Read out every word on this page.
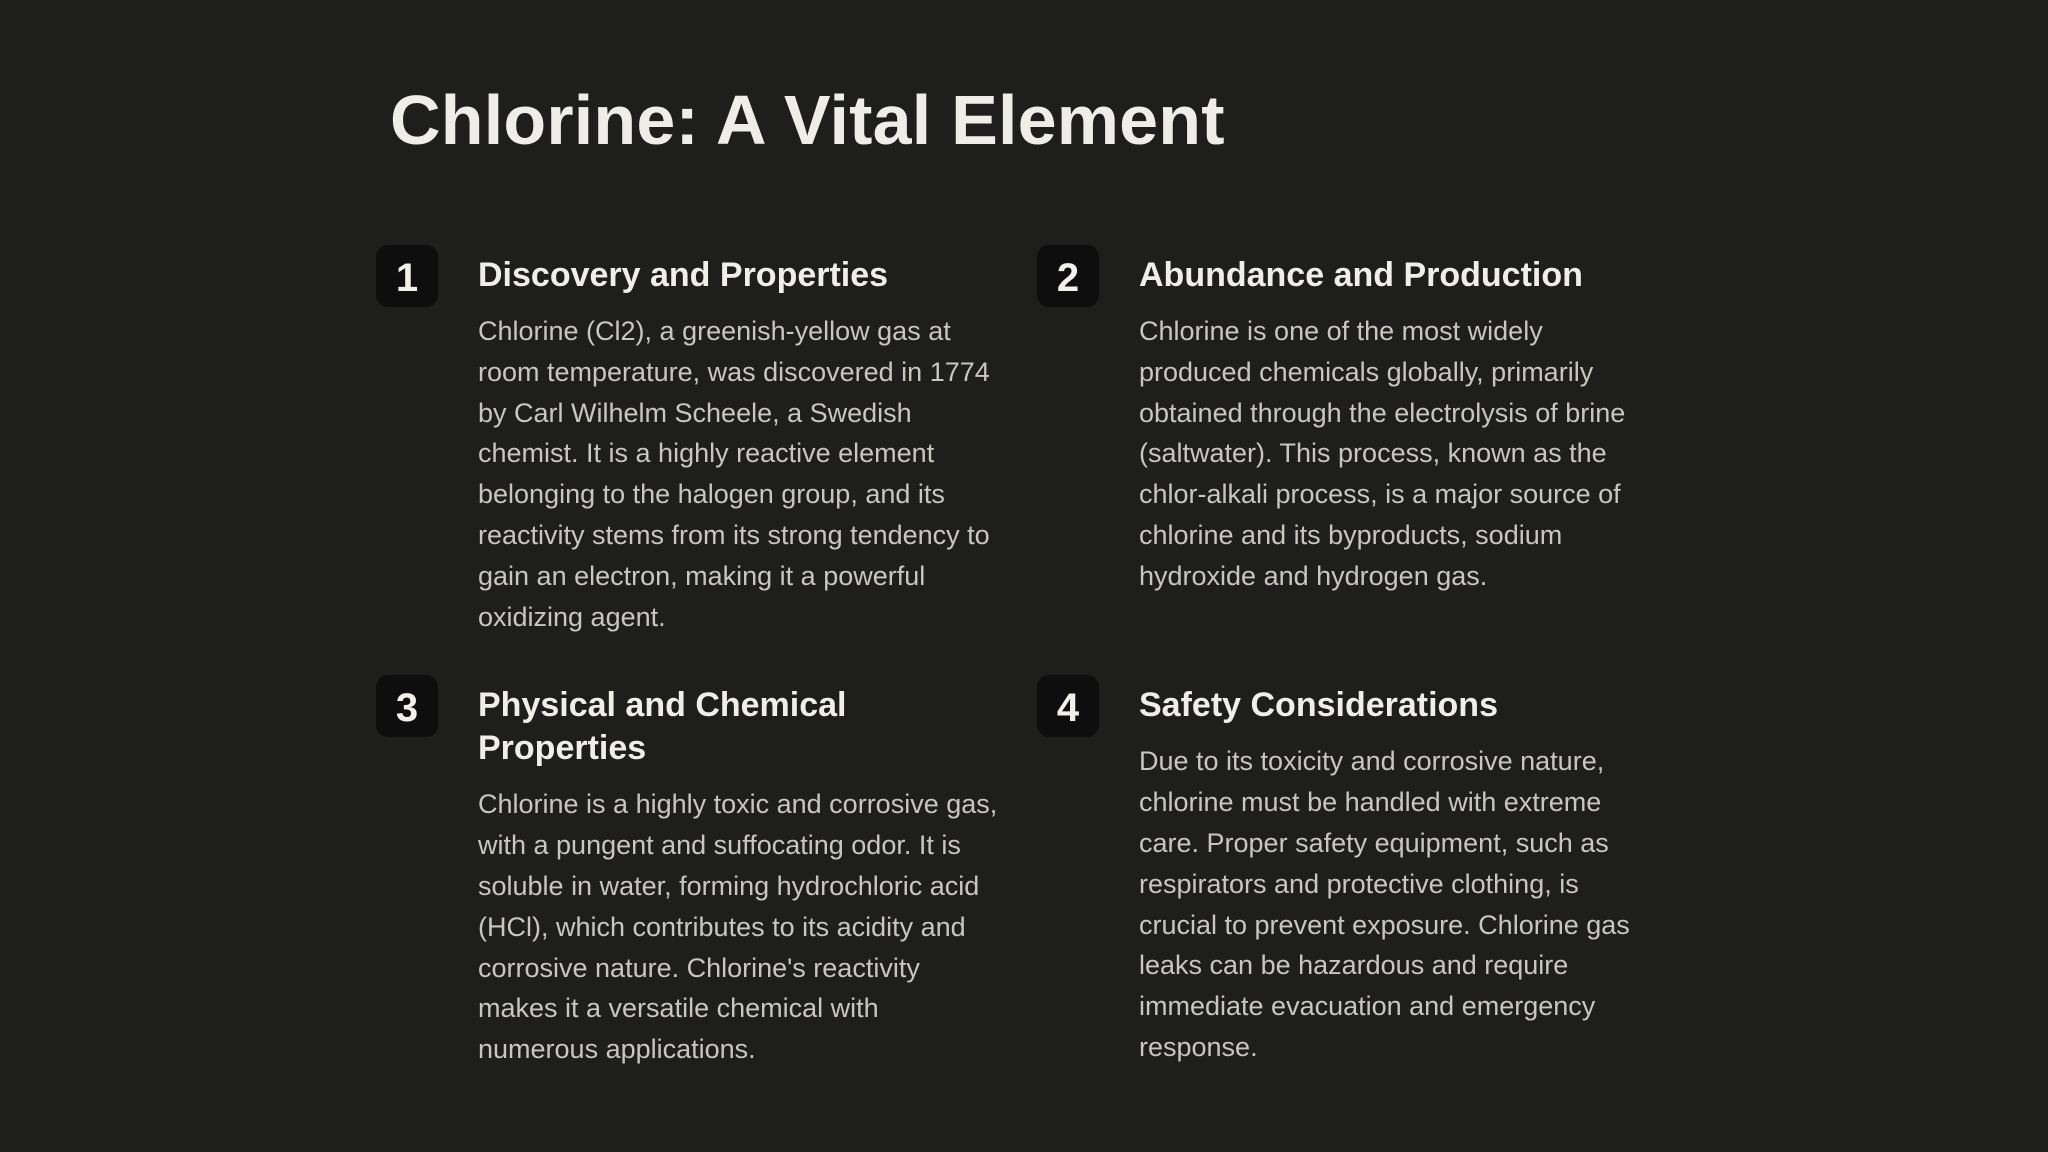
Chlorine: A Vital Element
1	Discovery and Properties

Chlorine (Cl2), a greenish-yellow gas at room temperature, was discovered in 1774 by Carl Wilhelm Scheele, a Swedish chemist. It is a highly reactive element belonging to the halogen group, and its reactivity stems from its strong tendency to gain an electron, making it a powerful oxidizing agent.

2	Abundance and Production

Chlorine is one of the most widely produced chemicals globally, primarily obtained through the electrolysis of brine (saltwater). This process, known as the chlor-alkali process, is a major source of chlorine and its byproducts, sodium hydroxide and hydrogen gas.

3	Physical and Chemical Properties

Chlorine is a highly toxic and corrosive gas, with a pungent and suffocating odor. It is soluble in water, forming hydrochloric acid (HCl), which contributes to its acidity and corrosive nature. Chlorine's reactivity makes it a versatile chemical with numerous applications.

4	Safety Considerations

Due to its toxicity and corrosive nature, chlorine must be handled with extreme care. Proper safety equipment, such as respirators and protective clothing, is crucial to prevent exposure. Chlorine gas leaks can be hazardous and require immediate evacuation and emergency response.
